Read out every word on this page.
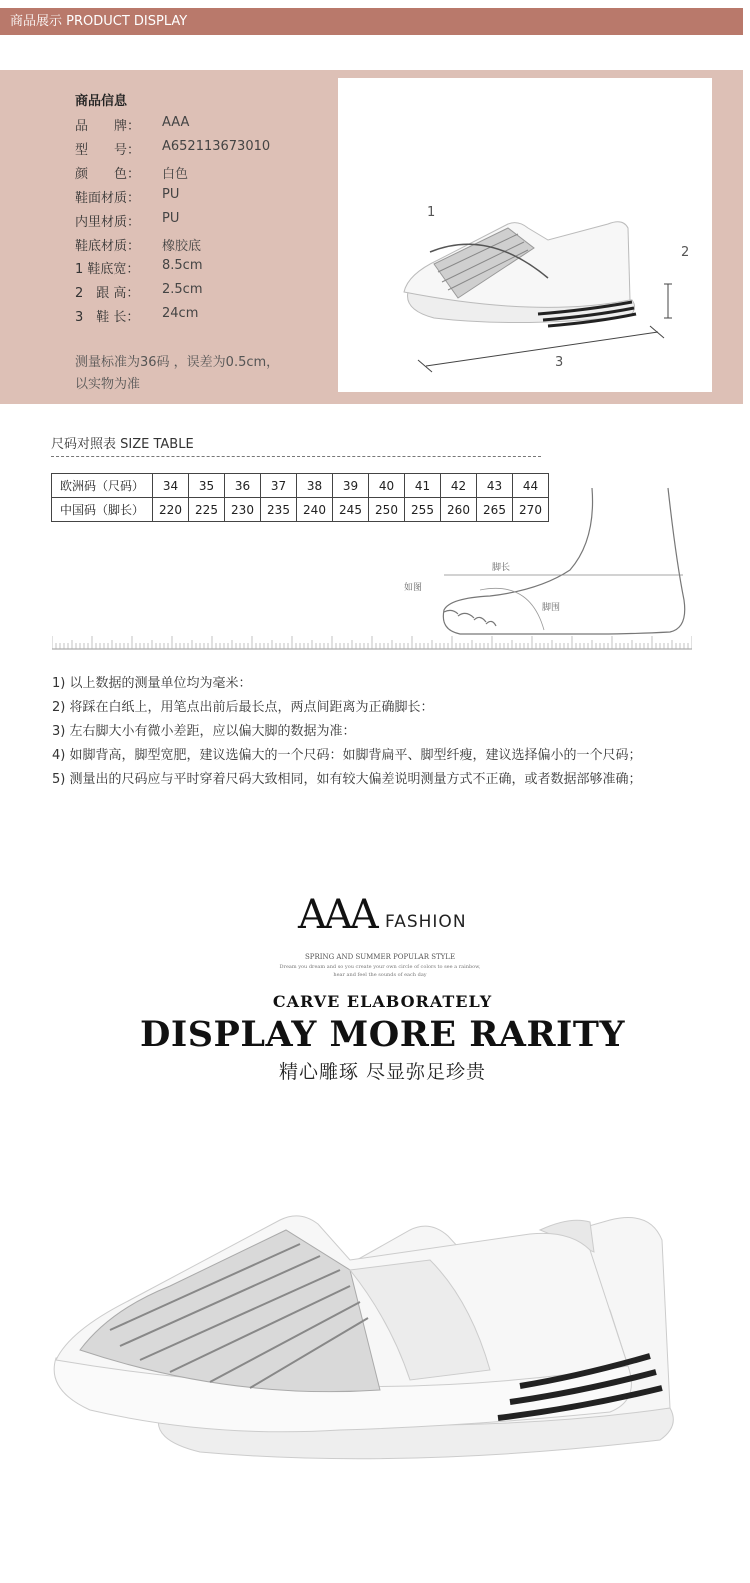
商品展示 PRODUCT DISPLAY
商品信息
品　　牌： AAA
型　　号： A652113673010
颜　　色： 白色
鞋面材质： PU
内里材质： PU
鞋底材质： 橡胶底
1 鞋底宽： 8.5cm
2　跟 高： 2.5cm
3　鞋 长： 24cm
测量标准为36码 ，误差为0.5cm，
以实物为准
1
2
3
尺码对照表 SIZE TABLE
欧洲码（尺码）	34	35	36	37	38	39	40	41	42	43	44
中国码（脚长）	220	225	230	235	240	245	250	255	260	265	270
脚长
脚围
如图
1) 以上数据的测量单位均为毫米：
2) 将踩在白纸上，用笔点出前后最长点，两点间距离为正确脚长：
3) 左右脚大小有微小差距，应以偏大脚的数据为准：
4) 如脚背高，脚型宽肥，建议选偏大的一个尺码：如脚背扁平、脚型纤瘦，建议选择偏小的一个尺码；
5) 测量出的尺码应与平时穿着尺码大致相同，如有较大偏差说明测量方式不正确，或者数据部够准确；
AAA FASHION
SPRING AND SUMMER POPULAR STYLE
Dream you dream and so you create your own circle of colors to see a rainbow,
hear and feel the sounds of each day
CARVE ELABORATELY
DISPLAY MORE RARITY
精心雕琢 尽显弥足珍贵
